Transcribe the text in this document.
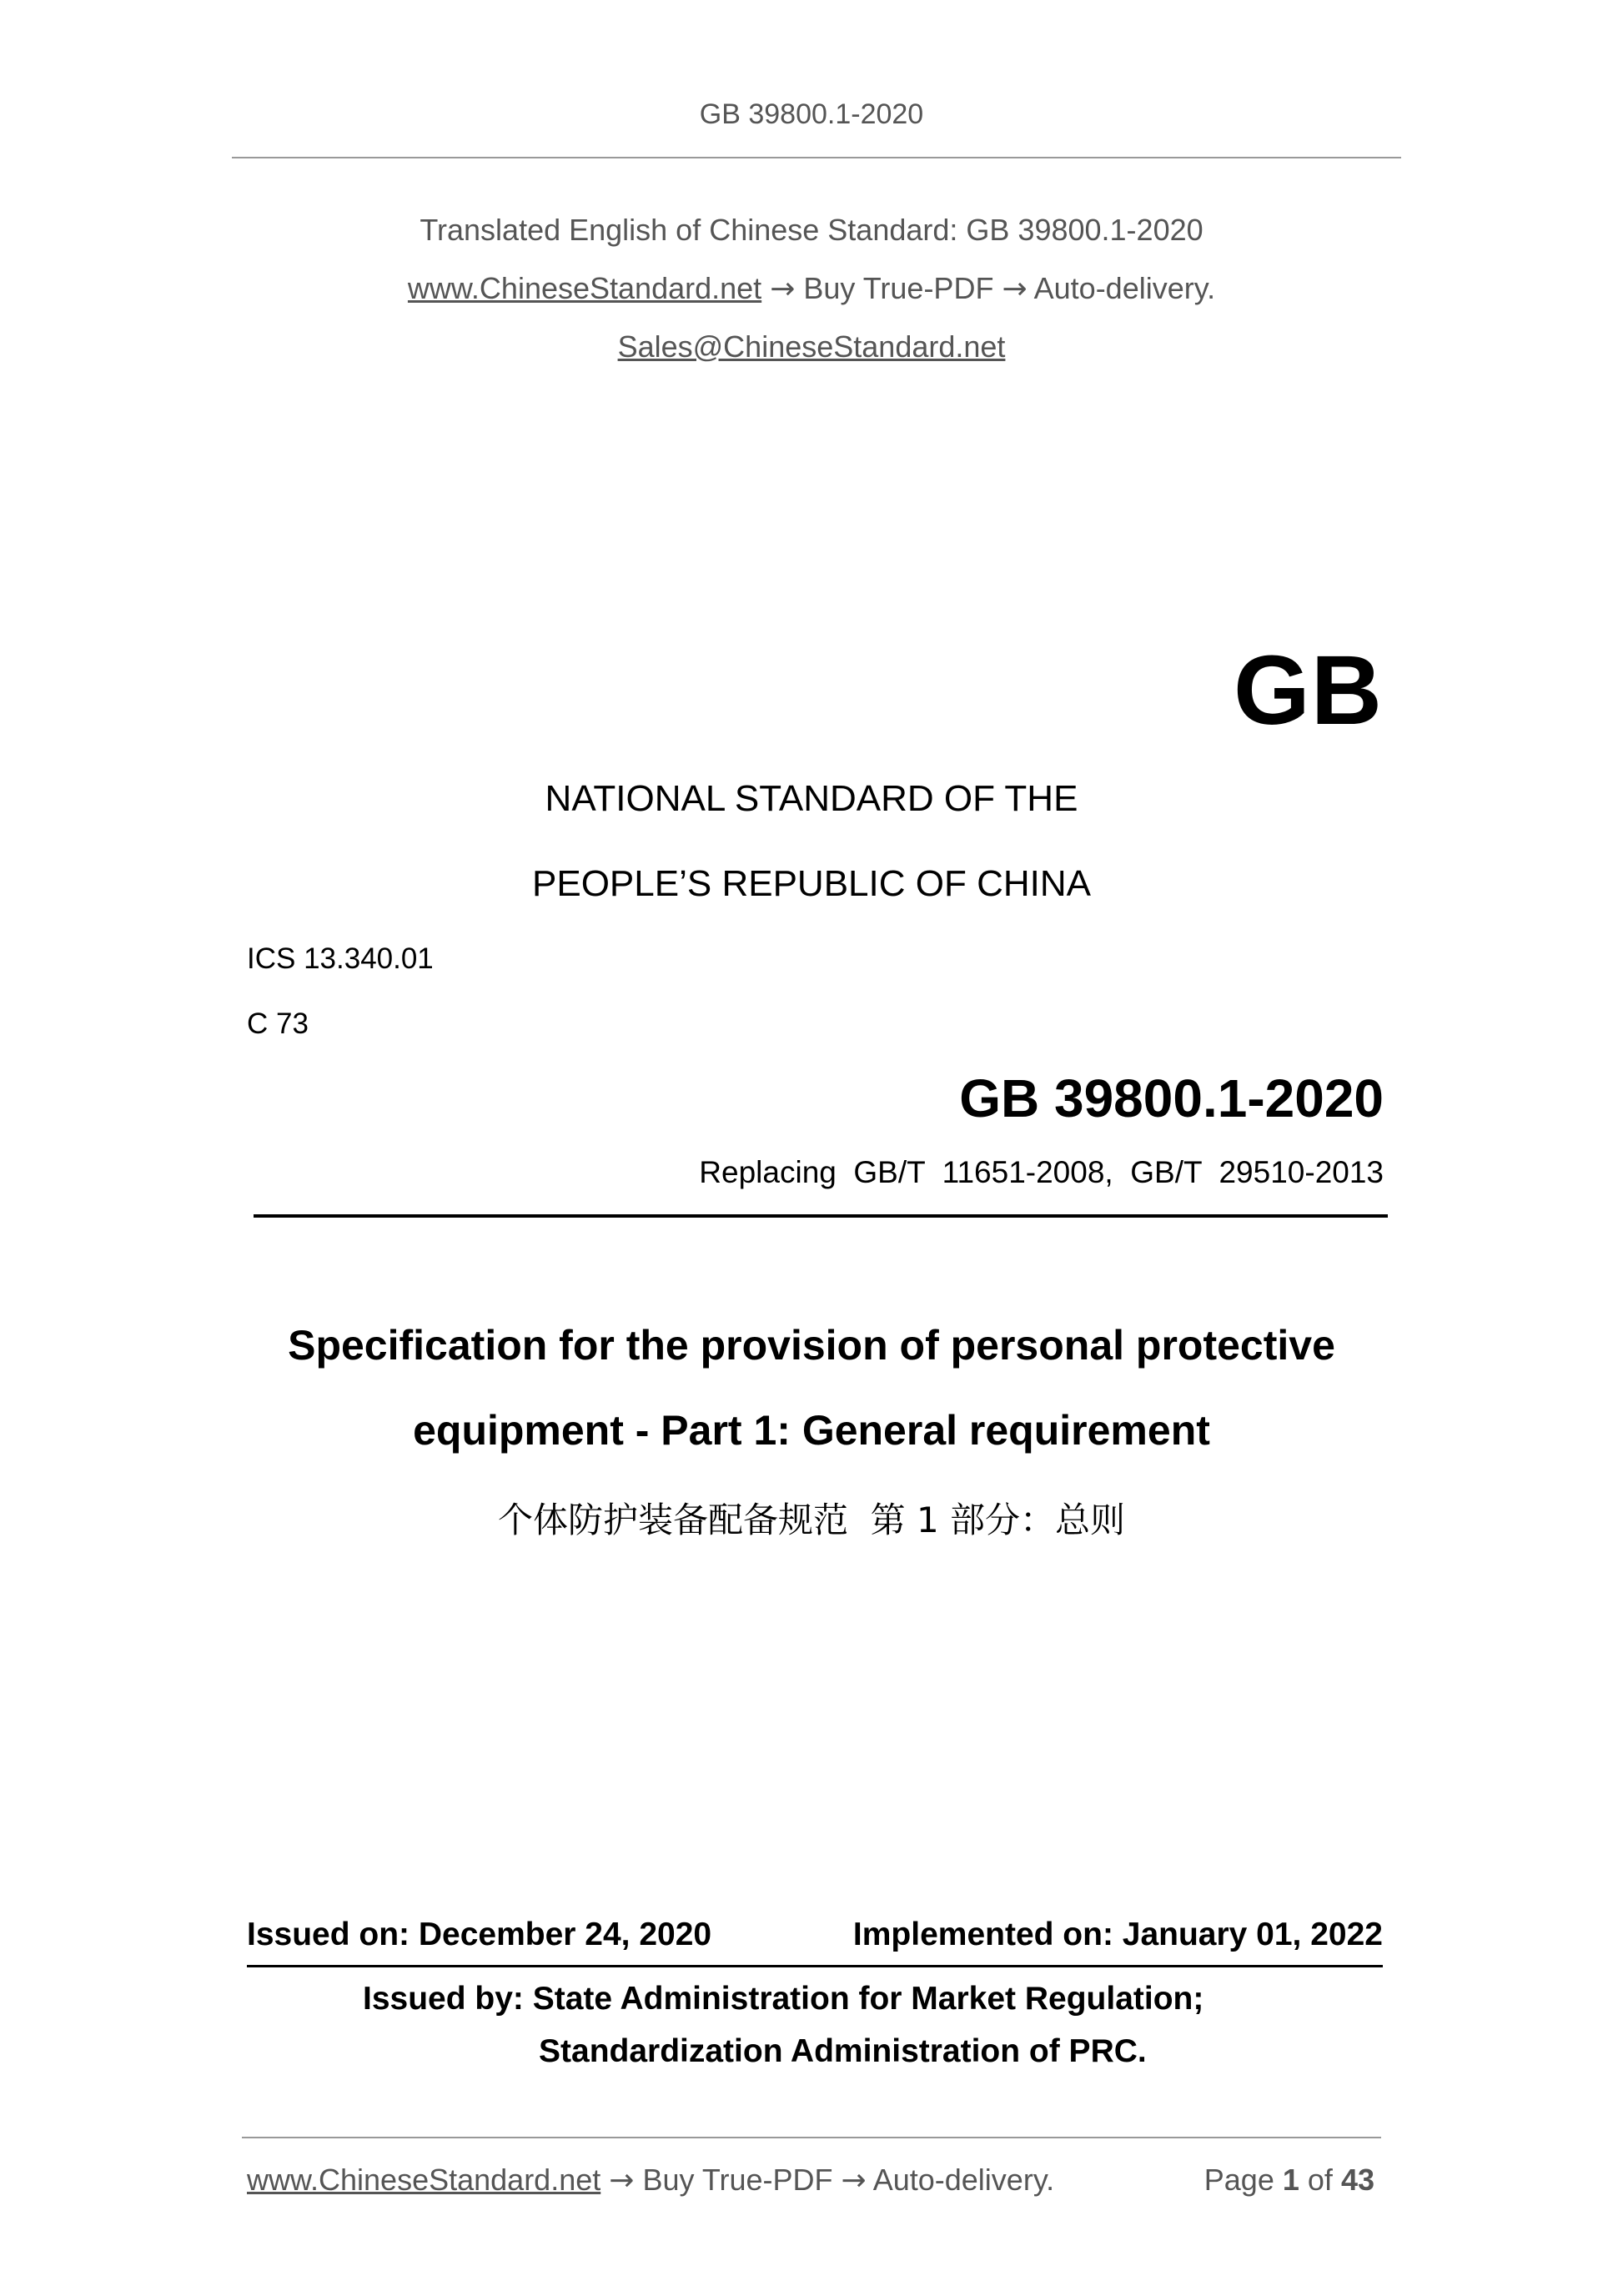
GB 39800.1-2020
Translated English of Chinese Standard: GB 39800.1-2020
www.ChineseStandard.net → Buy True-PDF → Auto-delivery.
Sales@ChineseStandard.net
GB
NATIONAL STANDARD OF THE
PEOPLE’S REPUBLIC OF CHINA
ICS 13.340.01
C 73
GB 39800.1-2020
Replacing  GB/T  11651-2008,  GB/T  29510-2013
Specification for the provision of personal protective
equipment - Part 1: General requirement
个体防护装备配备规范  第 1 部分：总则
Issued on: December 24, 2020	Implemented on: January 01, 2022
Issued by: State Administration for Market Regulation;
Standardization Administration of PRC.
www.ChineseStandard.net → Buy True-PDF → Auto-delivery.	Page 1 of 43
